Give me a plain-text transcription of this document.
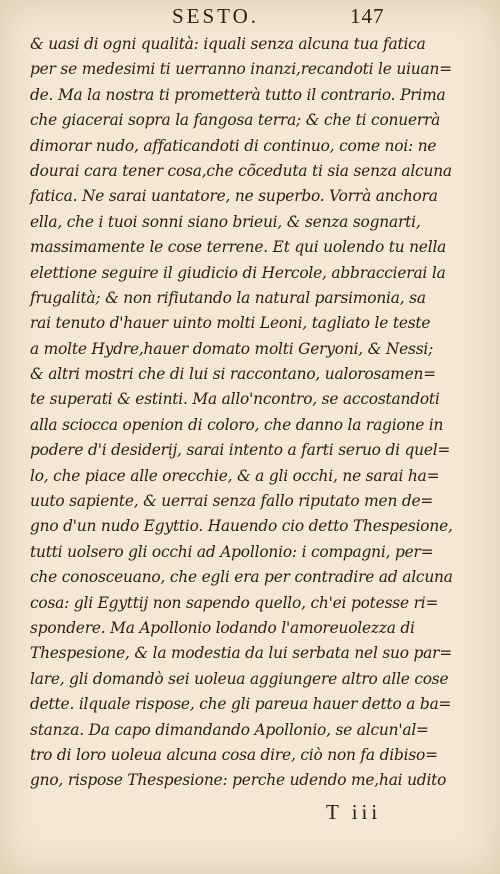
SESTO.	147
& uasi di ogni qualità: iquali senza alcuna tua fatica
per se medesimi ti uerranno inanzi,recandoti le uiuan=
de. Ma la nostra ti prometterà tutto il contrario. Prima
che giacerai sopra la fangosa terra; & che ti conuerrà
dimorar nudo, affaticandoti di continuo, come noi: ne
dourai cara tener cosa,che cõceduta ti sia senza alcuna
fatica. Ne sarai uantatore, ne superbo. Vorrà anchora
ella, che i tuoi sonni siano brieui, & senza sognarti,
massimamente le cose terrene. Et qui uolendo tu nella
elettione seguire il giudicio di Hercole, abbraccierai la
frugalità; & non rifiutando la natural parsimonia, sa
rai tenuto d'hauer uinto molti Leoni, tagliato le teste
a molte Hydre,hauer domato molti Geryoni, & Nessi;
& altri mostri che di lui si raccontano, ualorosamen=
te superati & estinti. Ma allo'ncontro, se accostandoti
alla sciocca openion di coloro, che danno la ragione in
podere d'i desiderij, sarai intento a farti seruo di quel=
lo, che piace alle orecchie, & a gli occhi, ne sarai ha=
uuto sapiente, & uerrai senza fallo riputato men de=
gno d'un nudo Egyttio. Hauendo cio detto Thespesione,
tutti uolsero gli occhi ad Apollonio: i compagni, per=
che conosceuano, che egli era per contradire ad alcuna
cosa: gli Egyttij non sapendo quello, ch'ei potesse ri=
spondere. Ma Apollonio lodando l'amoreuolezza di
Thespesione, & la modestia da lui serbata nel suo par=
lare, gli domandò sei uoleua aggiungere altro alle cose
dette. ilquale rispose, che gli pareua hauer detto a ba=
stanza. Da capo dimandando Apollonio, se alcun'al=
tro di loro uoleua alcuna cosa dire, ciò non fa dibiso=
gno, rispose Thespesione: perche udendo me,hai udito
T iii
